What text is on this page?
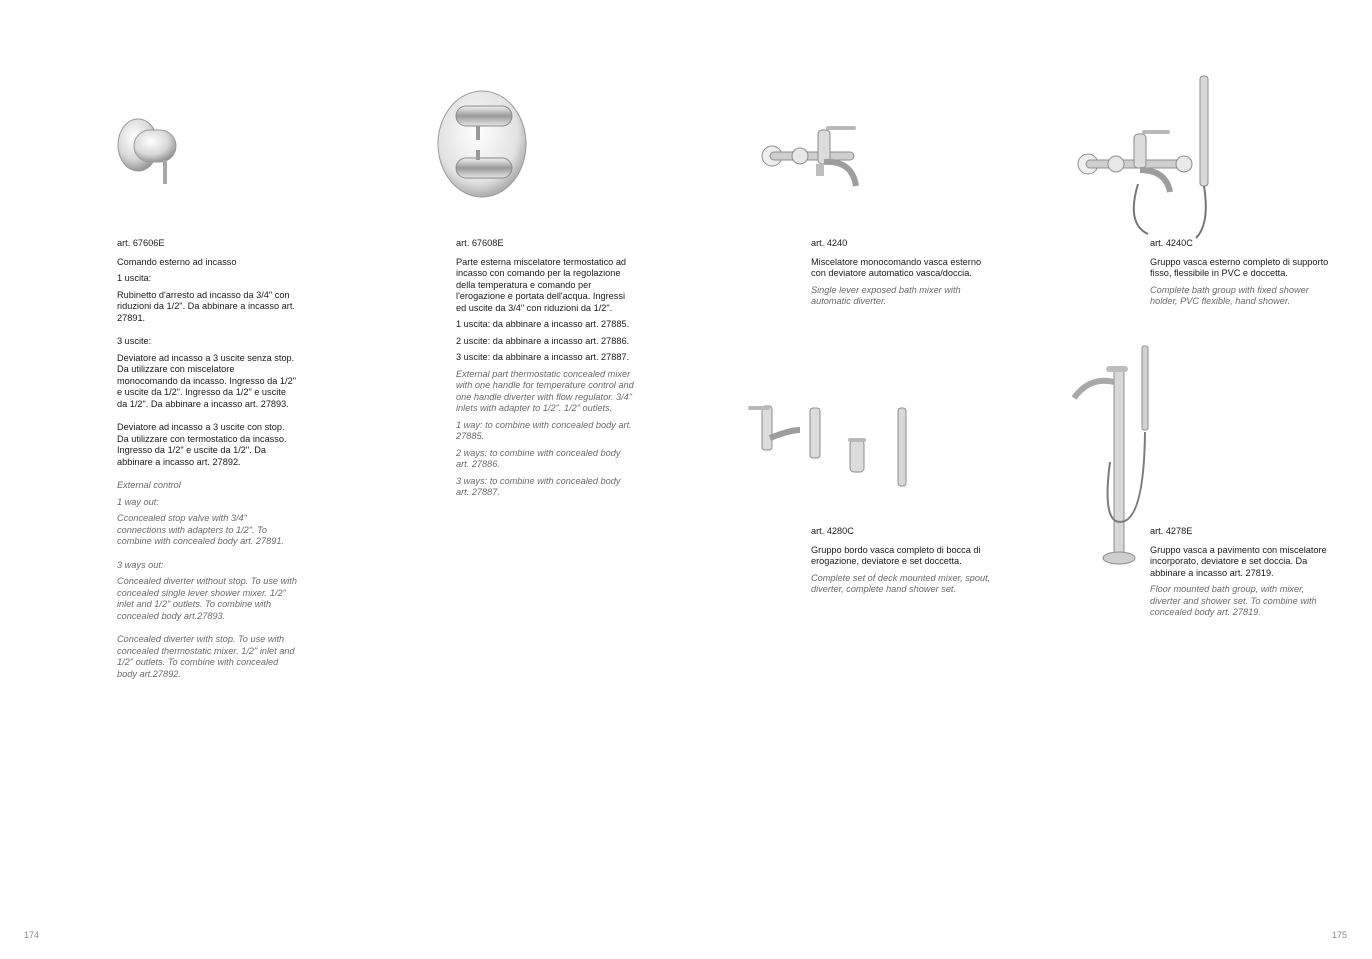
art. 67606E

Comando esterno ad incasso

1 uscita:

Rubinetto d'arresto ad incasso da 3/4" con riduzioni da 1/2". Da abbinare a incasso art. 27891.

3 uscite:

Deviatore ad incasso a 3 uscite senza stop. Da utilizzare con miscelatore monocomando da incasso. Ingresso da 1/2" e uscite da 1/2". Ingresso da 1/2" e uscite da 1/2". Da abbinare a incasso art. 27893.

Deviatore ad incasso a 3 uscite con stop. Da utilizzare con termostatico da incasso. Ingresso da 1/2" e uscite da 1/2". Da abbinare a incasso art. 27892.

External control

1 way out:

Cconcealed stop valve with 3/4" connections with adapters to 1/2". To combine with concealed body art. 27891.

3 ways out:

Concealed diverter without stop. To use with concealed single lever shower mixer. 1/2" inlet and 1/2" outlets. To combine with concealed body art.27893.

Concealed diverter with stop. To use with concealed thermostatic mixer. 1/2" inlet and 1/2" outlets. To combine with concealed body art.27892.

art. 67608E

Parte esterna miscelatore termostatico ad incasso con comando per la regolazione della temperatura e comando per l'erogazione e portata dell'acqua. Ingressi ed uscite da 3/4" con riduzioni da 1/2".

1 uscita: da abbinare a incasso art. 27885.

2 uscite: da abbinare a incasso art. 27886.

3 uscite: da abbinare a incasso art. 27887.

External part thermostatic concealed mixer with one handle for temperature control and one handle diverter with flow regulator. 3/4" inlets with adapter to 1/2". 1/2" outlets.

1 way: to combine with concealed body art. 27885.

2 ways: to combine with concealed body art. 27886.

3 ways: to combine with concealed body art. 27887.

art. 4240

Miscelatore monocomando vasca esterno con deviatore automatico vasca/doccia.

Single lever exposed bath mixer with automatic diverter.

art. 4240C

Gruppo vasca esterno completo di supporto fisso, flessibile in PVC e doccetta.

Complete bath group with fixed shower holder, PVC flexible, hand shower.

art. 4280C

Gruppo bordo vasca completo di bocca di erogazione, deviatore e set doccetta.

Complete set of deck mounted mixer, spout, diverter, complete hand shower set.

art. 4278E

Gruppo vasca a pavimento con miscelatore incorporato, deviatore e set doccia. Da abbinare a incasso art. 27819.

Floor mounted bath group, with mixer, diverter and shower set. To combine with concealed body art. 27819.

174	175
